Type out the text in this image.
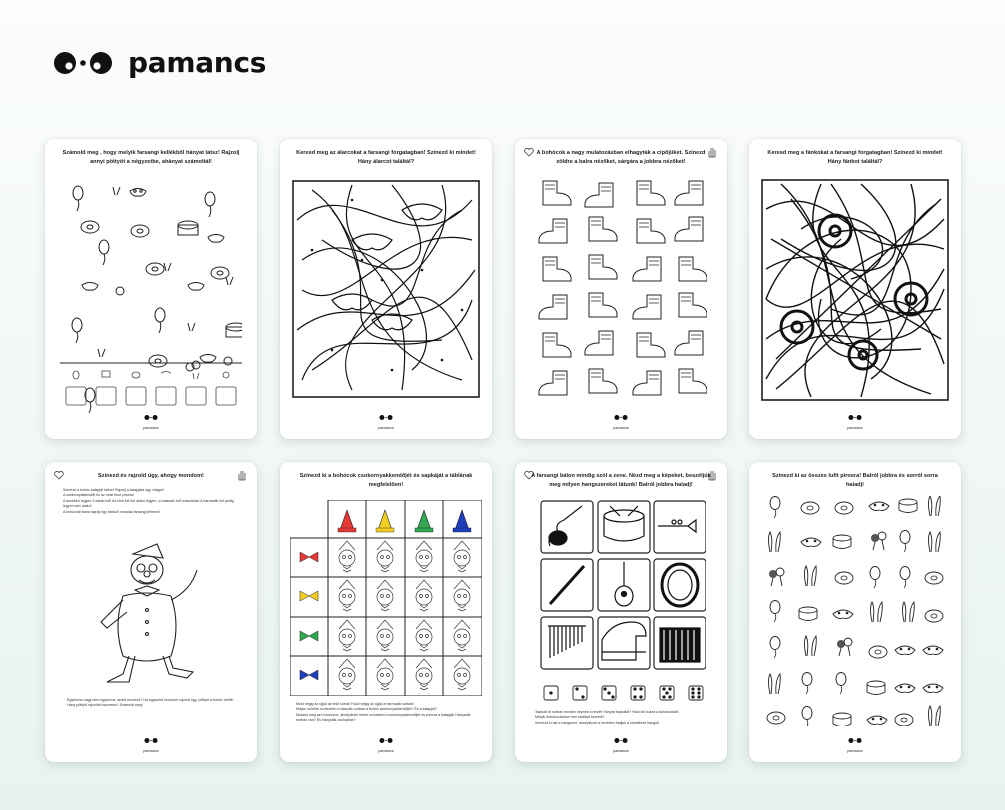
pamancs
Számold meg , hogy melyik farsangi kellékből hányat látsz! Rajzolj annyi pöttyöt a négyzetbe, ahányat számoltál!
pamancs
Keresd meg az álarcokat a farsangi forgatagban! Színezd ki mindet! Hány álarcot találtál?
pamancs
A bohócok a nagy mulatozásban elhagyták a cipőjüket. Színezd zöldre a balra nézőket, sárgára a jobbra nézőket!
pamancs
Keresd meg a fánkokat a farsangi forgatagban! Színezd ki mindet! Hány fánkot találtál?
pamancs
Színezd és rajzold úgy, ahogy mondom!
Színezd a bohóc kalapját kékre! Rajzolj a kalapjára egy virágot!
A csokornyakkendőt és az orrát fesd pirosra!
A kezében legyen 3 darab lufi! Az első lufi kör alakú legyen, a második lufi hosszúkás! A harmadik lufi pedig legyen szív alakú!
A bohócnál balra rajzolj egy fánkot! Vonalaz farsangi jelmezt!
Egyforma-nagy nem egyforma, amint mondod? Ha egyszerű mondom rajzold úgy, pöttyöt a bohóc mellé!
Hány pöttyöt rajzoltál összesen? Számold meg!
pamancs
Színezd ki a bohócok csokornyakkendőjét és sapkáját a táblának megfelelően!
Most végig az ujjad az első sorral! Húzd végig az ujjad a harmadik sorban!
Milyen színűre színezted a második sorban a bohóc csokornyakkendőjét? És a kalapját?
Mutasd meg azt a bohócot, amelyiknek kékre színezted a csokornyakkendőjét és pirosra a kalapját! Hányadik sorban van? És hányadik oszlopban?
pamancs
A farsangi bálon mindig szól a zene. Nézd meg a képeket, beszéljük meg milyen hangszereket látunk! Balról jobbra haladj!
Tapsold el sorban minden képnek a nevét! Hányat tapsoltál? Húzd át hozzá a dobókockát!
Melyik dobókockához nem találtad semmit?
Színezd ki azt a hangszert, amelyiknek a nevében halljuk a következő hangot!
pamancs
Színezd ki az összes lufit pirosra! Balról jobbra és sorról sorra haladj!
pamancs
